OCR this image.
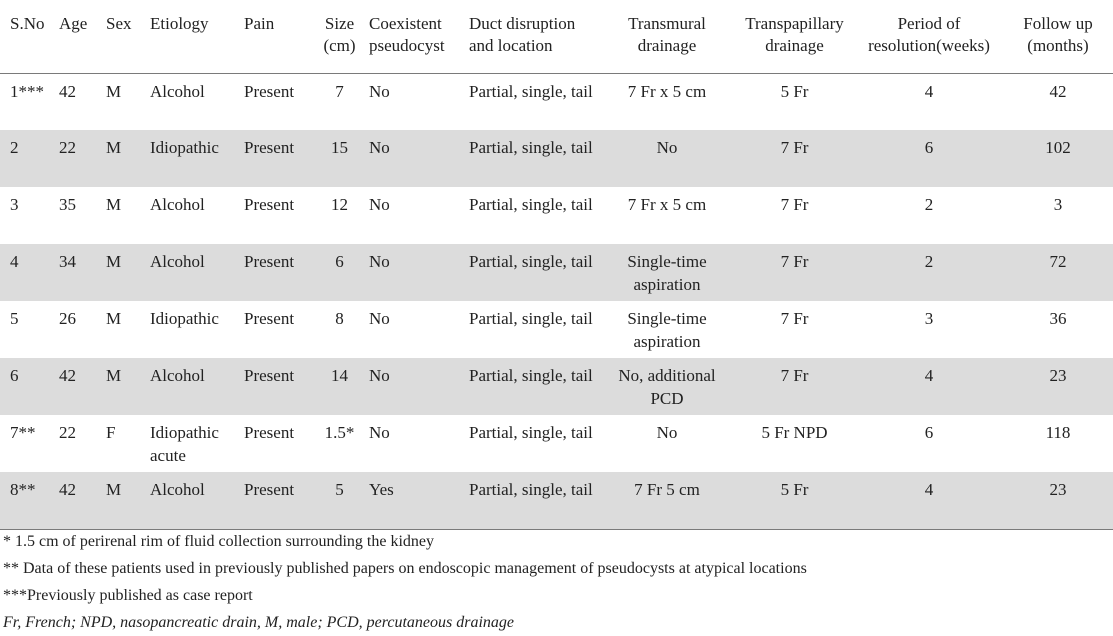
S.No	Age	Sex	Etiology	Pain	Size (cm)	Coexistent pseudocyst	Duct disruption and location	Transmural drainage	Transpapillary drainage	Period of resolution(weeks)	Follow up (months)
1***	42	M	Alcohol	Present	7	No	Partial, single, tail	7 Fr x 5 cm	5 Fr	4	42
2	22	M	Idiopathic	Present	15	No	Partial, single, tail	No	7 Fr	6	102
3	35	M	Alcohol	Present	12	No	Partial, single, tail	7 Fr x 5 cm	7 Fr	2	3
4	34	M	Alcohol	Present	6	No	Partial, single, tail	Single-time aspiration	7 Fr	2	72
5	26	M	Idiopathic	Present	8	No	Partial, single, tail	Single-time aspiration	7 Fr	3	36
6	42	M	Alcohol	Present	14	No	Partial, single, tail	No, additional PCD	7 Fr	4	23
7**	22	F	Idiopathic acute	Present	1.5*	No	Partial, single, tail	No	5 Fr NPD	6	118
8**	42	M	Alcohol	Present	5	Yes	Partial, single, tail	7 Fr 5 cm	5 Fr	4	23
* 1.5 cm of perirenal rim of fluid collection surrounding the kidney
** Data of these patients used in previously published papers on endoscopic management of pseudocysts at atypical locations
***Previously published as case report
Fr, French; NPD, nasopancreatic drain, M, male; PCD, percutaneous drainage
